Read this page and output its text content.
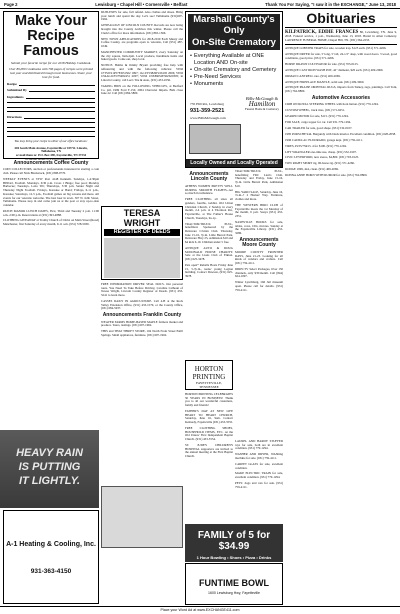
Page 2	Lewisburg • Chapel Hill • Cornersville • Belfast	Thank You For Saying, "I saw it in the EXCHANGE," June 13, 2018
Make Your
Recipe Famous
Submit your favorite recipe for our 2018 Holiday Cookbook.
Over 89,000 Cookbooks with 796 pages of recipes were printed last year and distributed through local businesses. Share your love for food.
Recipe
Submitted By
Ingredients
Directions
You may bring your recipe to either of our office locations:
404 South Main Avenue, Fayetteville or 109 W. Lincoln, Tullahoma, TN
or mail them to: P.O. Box 490, Fayetteville, TN 37334
or submit online at www.recipenews.com
Announcements Coffee County
COIN COLLECTORS, auction or professionals interested in starting a coin club. Please call Nick Blackstock, (931) 808-0770.
WEEKLY EVENTS at VFW Post 4148 Kenneth. Sundays, 1-4:30pm BINGO, Football. Mondays, 6:30 p.m. Cross 1 Bingo; free pool; Monday Barbecue; Tuesdays, Lotto Tilt; Thursdays, 5:30 p.m. Senior Night and Thursday Night Football. Fridays, Karaoke or Band; Fridays, 6-11 p.m., Karaoke; Saturdays, 12-5 p.m., Football games on big screens and more. All events for our veterans welcome. The best beer in town. 307 N. Jobb Street, Tullahoma. Please stop in and come join us at the post or stay up-to-date calendar.
PATCH MANOR LUNCH DATES, First, Third and Tuesday 2 p.m. 11:00 a.m.-2:00 p.m. Reservations at (931) 393-4888.
CLOTHING GIVEAWAY at Tranby Church of Christ on Main Street (Road) Manchester, first Saturday of every month, 9-11 a.m. (931) 728-5930.
HEAVY RAIN
IS PUTTING
IT LIGHTLY.
A-1 Heating & Cooling, Inc.
931-363-4150
DUPLEXES for sale, full refund. Also clothes and shoes. Bring your lunch and spend the day. Let's see! Tullahoma (931)607-1962.
GENEALOGY OF LINCOLN COUNTY. Records are now being brought into the County Archives this winter. Please call the Clerk's office for more information. (931) 865-1566.
NEW TOWN APPLICATIONS for 2018-2019 Each Maury and Coffee County, are programs open to veterans, Call (931) 487-1049.
MANCHESTER COMMUNITY MARKET, every Saturday on the city square, 9am-2pm. Local produce, handmade items and baked goods. Come out, shop local.
NOTICE. Bubba & Jimmy Bryant providing free help with refinancing and with the following vehicles: VIN# 1FTSW21P57ED31502 1997; 1G1ZT53826F226195 2006; VIN# 1N4AL21E57N482451 2007; VIN# 1NXBR32E36Z620305; in Lincoln County, call Lee's Tire & Auto, (931) 433-4556.
TAKING BIDS on the FOLLOWING VEHICLES, at Bedford Co. jail, 1999 Ford F-150, 2004 Chevrolet Impala. Bids close June 22. Call (931) 684-5800.
TERESA
WRIGHT
REGISTER OF DEEDS
FREE INFORMATION DRIVER SEAL DOCS. Our personal tours. You Need To Take Before Driving. Caroline Calhoun of Teresa Wright, Lincoln County Register of Deeds. (931) 433-5241 to learn more.
CASSES DAILY IN AGRICULTURE. Call 4-H at the Rock Valley Extension Office, (931) 433-1579, or the County Office, (931) 684-5937.
Announcements Franklin County
WEAVER FARMS HOME-BASED MAPLE farmers market and produce. Tours, tastings. (931) 607-1962.
THIS and THAT THRIFT STORE, 104 North Front Street Estill Springs. Small appliances, furniture. (931) 607-1962.
Marshall County's Only
On-Site Crematory
• Everything Available at ONE Location AND On-site
• On-site Crematory and Cemetery
• Pre-Need Services
• Monuments
735 Hill Rd., Lewisburg
931-359-2521
www.BillsMcGaugh.com
Bills-McGaugh &
Hamilton
Funeral Home & Crematory
Locally Owned and Locally Operated
Announcements Lincoln County
ATHENS WOMEN PRETTY WELL DURING SMOOTH FLIGHTS...not so much in turbulence.
FREE CLOTHING all sizes all genders, fourths, toddler. Old Union Christian Church, 2 Sunday in every month, 2-4 p.m. at 4 Thornton Rd., Fayetteville, at The Father's House Church, Tuesdays, 9a-1p.
TRACTOR/TRUCK PULL, benefitted. Sponsored by the Delaware Civitan Club. Thursday, June 15-16, 7p.m. Little Barrett Park, Delaware Hwy 25, Admission $10 and $4 kids 6-10. Children under 5 free.
ANTIQUE AUTO & DOUG McDONALD HOUSE CHARITY. Sale at the Lions Club of Elkton. (931) 625-3478.
Pets open* Rebells Hosts Friday June 15, 5-7p.m., teens/ young Legion building. Contact Dawson, (931) 625-3978.
TRACTOR/TRUCK PULL, benefitting FRC Lion's Club. Thursday and Friday, June 15-16, 7p.m. Little Barrett Park, Admission $10.
BIG YARD SALE, Saturday, June 16, 7a.m.-? 2 Homes' Way. Furniture, clothes and more.
THE WESTERN BIRD CLUB of Fayetteville meets the 1st Monday of the month, 6 p.m. Sonya (931) 433-2351.
NASHVILLE BOOKS for sale, tables, rows, CDs, movies. Sunday at the Fayetteville Library. (931) 433-3286.
Announcements Moore County
MOORE COUNTY FRONTIER DAYS, June 21-23. Looking for all kinds of vendors and crafters. Call (931) 759-4111.
DIRECTV Select Packages, Over 150 channels, only $35/month. Call (844) 624-1097.
Winter Lynchburg, Old Jail museum open. Please call for details. (931) 759-4111.
HORTON PRINTING
FAYETTEVILLE, TENNESSEE
HORTON PRINTING CELEBRATES 50 YEARS IN BUSINESS! Thank you to all our wonderful customers, family and friends!
FATHER'S DAY AT NEW LIFE HEART TO HEART CHURCH, Saturday, June 16, 9am. Contact Kennedy, Fayetteville (931) 433-3555.
FREE CLOTHING SHOES, HOUSEHOLD ITEMS, ETC. At the Old Union/ First Independent Baptist Church. (931) 433-5554.
ST. JUDE'S CHILDREN'S HOSPITAL supporters are invited to the annual meeting at the First Baptist Church.
LAUREL AND HARDY STUFFED toys for sale, both are in excellent condition. (931) 779-1294.
WASHER AND DRYER, WAShing machine for sale. (931) 759-4111.
CARPET GLASS for sale, excellent condition.
MAKE ELECTRIC TRAIN for sale, excellent condition. (931) 779-1294.
PETS: dogs and cats for sale. (931) 759-4111.
FAMILY of 5 for $34.99
1 Hour Bowling • Shoes • Pizza • Drinks
FUNTIME BOWL
1600 Lewisburg Hwy, Fayetteville
Obituaries
KILPATRICK, EDDIE FRANCES 80, Lewisburg, TN. June 9, 2018. Funeral service, 1 p.m., Wednesday, June 13, 2018. Burial in Allen Cemetery. LAWRENCE FUNERAL HOME, Chapel Hill, TN. (931) 364-2233.
ANTIQUE LOBSTER TRAPS for sale, wooden trap. $125 each. (931) 571-4266.
ANTIQUE DRYER for sale, 5' long, 5' tall, 24-1/2" deep, with wood doors. 3 wood, good conditions, good price. (931) 571-4266.
HORSE DRAWN CULTIVATOR for sale. (931) 703-0125.
ANTIQUE CAST IRON WASH POT, 42" diameter, $20 each. (931) 409-2069.
ORMAN CANTRELL rare. (931) 409-2069.
ANTIQUE FIREPLACE MANTLE, solid oak. (931) 209-3060.
ANTIQUE PRAISE ORIENTAL RUGS, imports from Turkey, rugs, paintings. Call Tom, (931) 762-8800.
Automotive Accessories
CRIB ON ROYAL STEERING WHEEL with horn button. (931) 779-1294.
CUSTOM WHEEL, truck tires, (931) 571-6251.
GEARED MOTOR for sale, $115. (931) 779-1294.
FOR SALE, cargo topper for car. Call 931-779-1294.
CAR TRAILER for sale, good shape. (931) 532-0107.
1985 PORSCHE 944. Burgundy with black interior. Excellent condition. (931) 628-2058.
1996 CADILLAC ELDORADO, garage kept. (931) 759-4111.
TIRES, P235/75R15. 4 for $100. (931) 779-1294.
LIFT WRANGLER one-time use, cheap. (931) 532-0107.
CIVIC LEVERFORD, new stereo, $4,800. (931) 703-0125.
TOW RIGHT SPORT rig, 90-horse rig. (931) 571-4266.
DODGE 1999, 4x4, clean. (931) 409-2069.
DONNA ANNE HORN WITH RUMOR for sale. (931) 762-8800.
Place your Word Ad at www.EXCHANGE411.com
